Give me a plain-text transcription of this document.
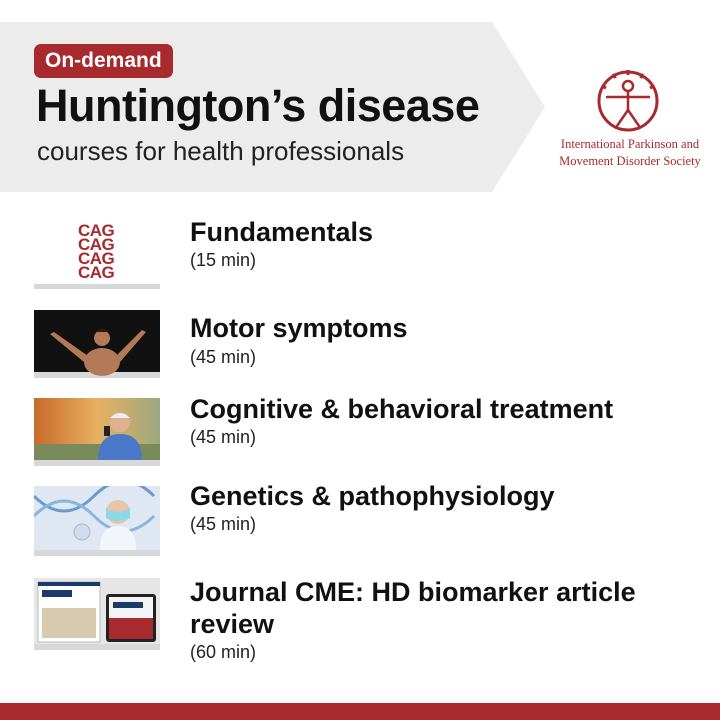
On-demand
Huntington’s disease

courses for health professionals	International Parkinson and
Movement Disorder Society
CAG
CAG
CAG
CAG
Fundamentals
(15 min)
Motor symptoms
(45 min)
Cognitive & behavioral treatment
(45 min)
Genetics & pathophysiology
(45 min)
Journal CME: HD biomarker article
review
(60 min)
